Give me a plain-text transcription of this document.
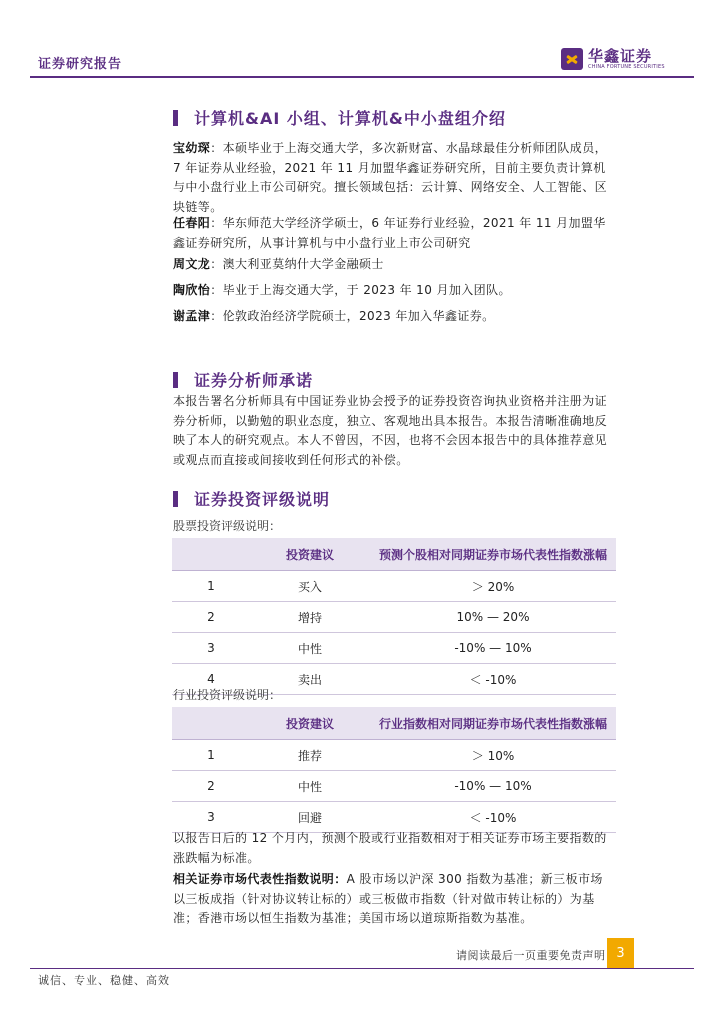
证券研究报告	华鑫证券
CHINA FORTUNE SECURITIES
计算机&AI 小组、计算机&中小盘组介绍
宝幼琛：本硕毕业于上海交通大学，多次新财富、水晶球最佳分析师团队成员，7 年证券从业经验，2021 年 11 月加盟华鑫证券研究所，目前主要负责计算机与中小盘行业上市公司研究。擅长领域包括：云计算、网络安全、人工智能、区块链等。
任春阳：华东师范大学经济学硕士，6 年证券行业经验，2021 年 11 月加盟华鑫证券研究所，从事计算机与中小盘行业上市公司研究
周文龙：澳大利亚莫纳什大学金融硕士
陶欣怡：毕业于上海交通大学，于 2023 年 10 月加入团队。
谢孟津：伦敦政治经济学院硕士，2023 年加入华鑫证券。
证券分析师承诺
本报告署名分析师具有中国证券业协会授予的证券投资咨询执业资格并注册为证券分析师，以勤勉的职业态度，独立、客观地出具本报告。本报告清晰准确地反映了本人的研究观点。本人不曾因，不因，也将不会因本报告中的具体推荐意见或观点而直接或间接收到任何形式的补偿。
证券投资评级说明
股票投资评级说明：
	投资建议	预测个股相对同期证券市场代表性指数涨幅
1	买入	＞ 20%
2	增持	10% — 20%
3	中性	-10% — 10%
4	卖出	＜ -10%
行业投资评级说明：
	投资建议	行业指数相对同期证券市场代表性指数涨幅
1	推荐	＞ 10%
2	中性	-10% — 10%
3	回避	＜ -10%
以报告日后的 12 个月内，预测个股或行业指数相对于相关证券市场主要指数的涨跌幅为标准。
相关证券市场代表性指数说明：A 股市场以沪深 300 指数为基准；新三板市场以三板成指（针对协议转让标的）或三板做市指数（针对做市转让标的）为基准；香港市场以恒生指数为基准；美国市场以道琼斯指数为基准。
请阅读最后一页重要免责声明 3
诚信、专业、稳健、高效
